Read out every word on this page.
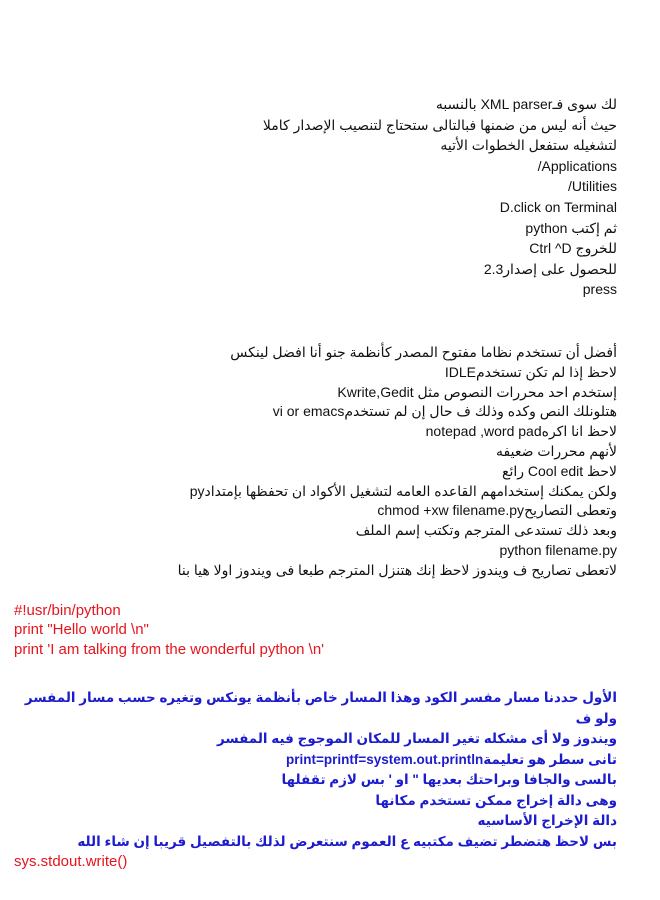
لك سوى فـXML parser بالنسبه
حيث أنه ليس من ضمنها فبالتالى ستحتاج لتنصيب الإصدار كاملا
لتشغيله ستفعل الخطوات الأتيه
Applications/
Utilities/
D.click on Terminal
ثم إكتب python
للخروج Ctrl ^D
للحصول على إصدار2.3
press
أفضل أن تستخدم نظاما مفتوح المصدر كأنظمة جنو أنا افضل لينكس
لاحظ إذا لم تكن تستخدمIDLE
إستخدم احد محررات النصوص مثل Kwrite,Gedit
هتلونلك النص وكده وذلك ف حال إن لم تستخدمvi or emacs
لاحظ انا اكرهnotepad ,word pad
لأنهم محررات ضعيفه
لاحظ Cool edit رائع
ولكن يمكنك إستخدامهم القاعده العامه لتشغيل الأكواد ان تحفظها بإمتدادpy
وتعطى التصاريحchmod +xw filename.py
وبعد ذلك تستدعى المترجم وتكتب إسم الملف
python filename.py
لاتعطى تصاريح ف ويندوز لاحظ إنك هتنزل المترجم طبعا فى ويندوز اولا هيا بنا
#!usr/bin/python
print "Hello world \n"
print 'I am talking from the wonderful python \n'
الأول حددنا مسار مفسر الكود وهذا المسار خاص بأنظمة يونكس وتغيره حسب مسار المفسر ولو ف
ويندوز ولا أى مشكله تغير المسار للمكان الموجوج فيه المفسر
تانى سطر هو تعليمةprint=printf=system.out.println
بالسى والجافا وبراحتك بعديها " او ' بس لازم تقفلها
وهى دالة إخراج ممكن تستخدم مكانها
دالة الإخراج الأساسيه
بس لاحظ هتضطر تضيف مكتبيه ع العموم سنتعرض لذلك بالتفصيل قريبا إن شاء الله
sys.stdout.write()
